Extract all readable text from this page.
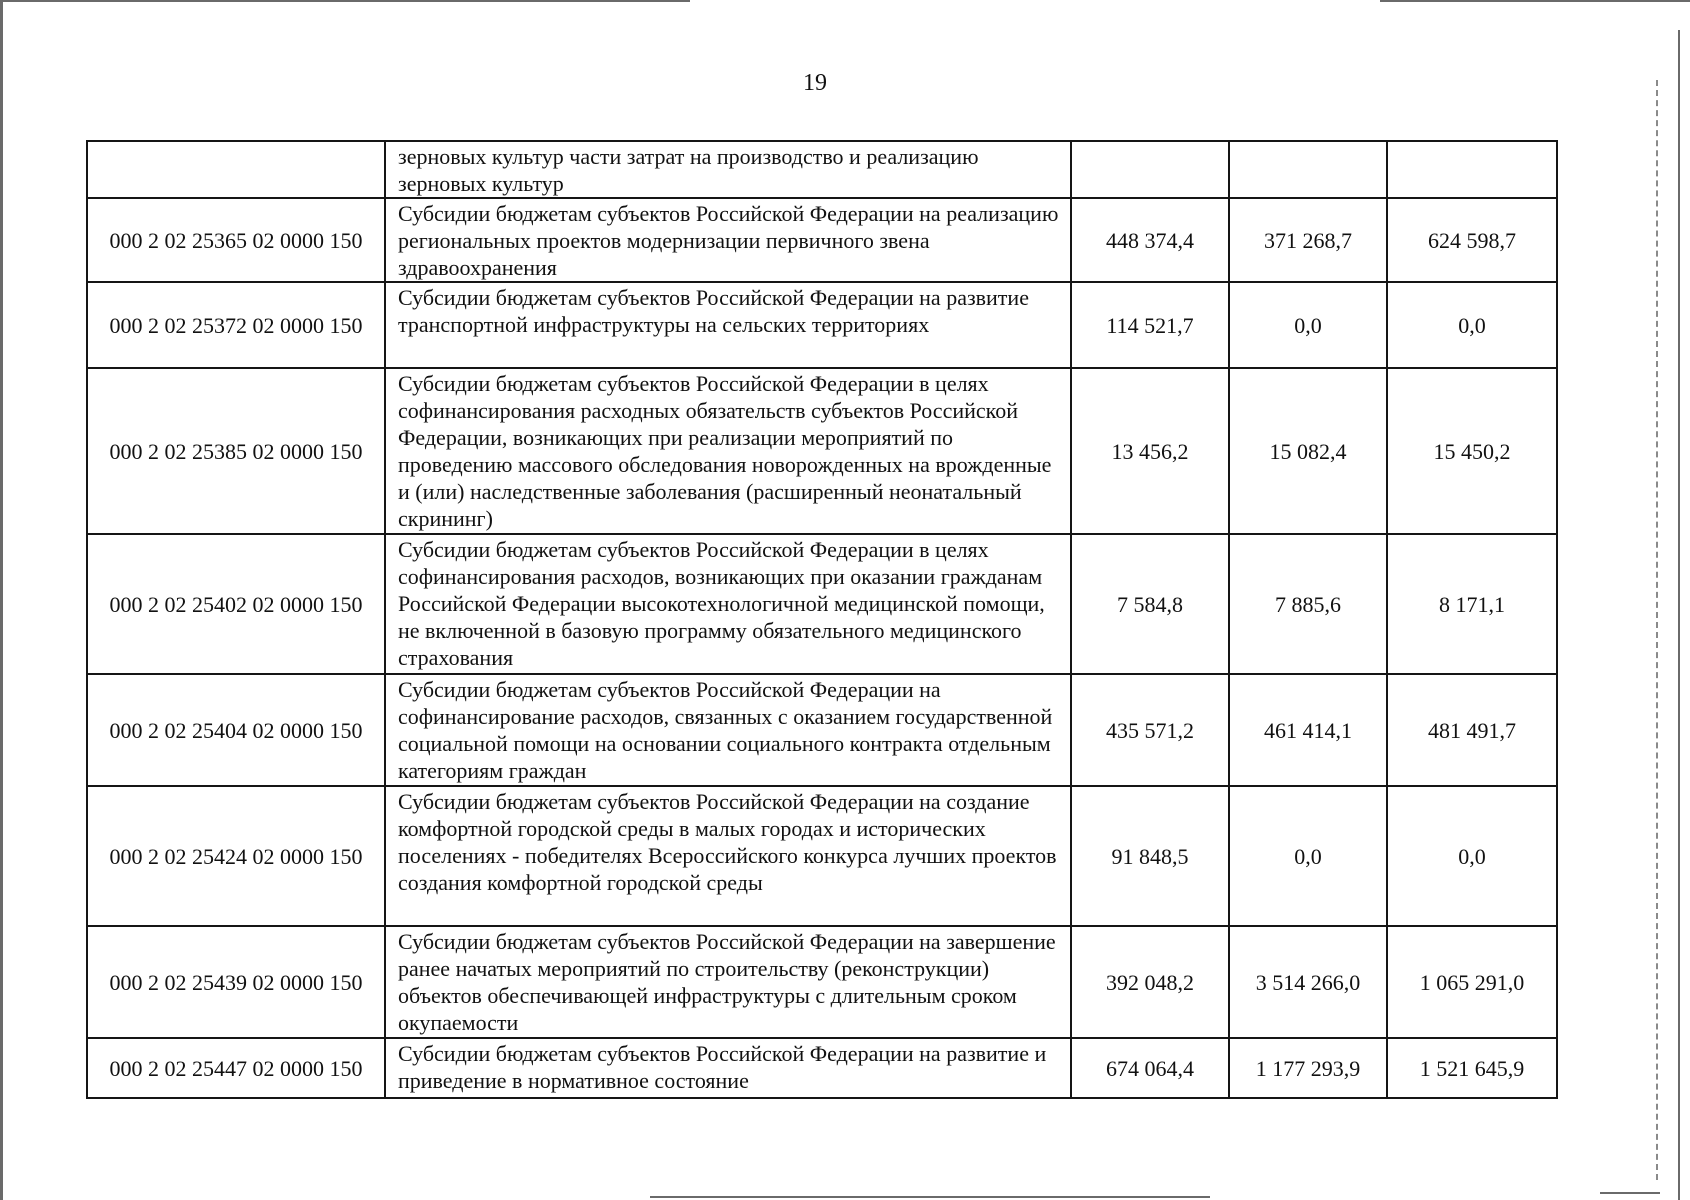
19
	зерновых культур части затрат на производство и реализацию зерновых культур			
000 2 02 25365 02 0000 150	Субсидии бюджетам субъектов Российской Федерации на реализацию региональных проектов модернизации первичного звена здравоохранения	448 374,4	371 268,7	624 598,7
000 2 02 25372 02 0000 150	Субсидии бюджетам субъектов Российской Федерации на развитие транспортной инфраструктуры на сельских территориях	114 521,7	0,0	0,0
000 2 02 25385 02 0000 150	Субсидии бюджетам субъектов Российской Федерации в целях софинансирования расходных обязательств субъектов Российской Федерации, возникающих при реализации мероприятий по проведению массового обследования новорожденных на врожденные и (или) наследственные заболевания (расширенный неонатальный скрининг)	13 456,2	15 082,4	15 450,2
000 2 02 25402 02 0000 150	Субсидии бюджетам субъектов Российской Федерации в целях софинансирования расходов, возникающих при оказании гражданам Российской Федерации высокотехнологичной медицинской помощи, не включенной в базовую программу обязательного медицинского страхования	7 584,8	7 885,6	8 171,1
000 2 02 25404 02 0000 150	Субсидии бюджетам субъектов Российской Федерации на софинансирование расходов, связанных с оказанием государственной социальной помощи на основании социального контракта отдельным категориям граждан	435 571,2	461 414,1	481 491,7
000 2 02 25424 02 0000 150	Субсидии бюджетам субъектов Российской Федерации на создание комфортной городской среды в малых городах и исторических поселениях - победителях Всероссийского конкурса лучших проектов создания комфортной городской среды	91 848,5	0,0	0,0
000 2 02 25439 02 0000 150	Субсидии бюджетам субъектов Российской Федерации на завершение ранее начатых мероприятий по строительству (реконструкции) объектов обеспечивающей инфраструктуры с длительным сроком окупаемости	392 048,2	3 514 266,0	1 065 291,0
000 2 02 25447 02 0000 150	Субсидии бюджетам субъектов Российской Федерации на развитие и приведение в нормативное состояние	674 064,4	1 177 293,9	1 521 645,9
